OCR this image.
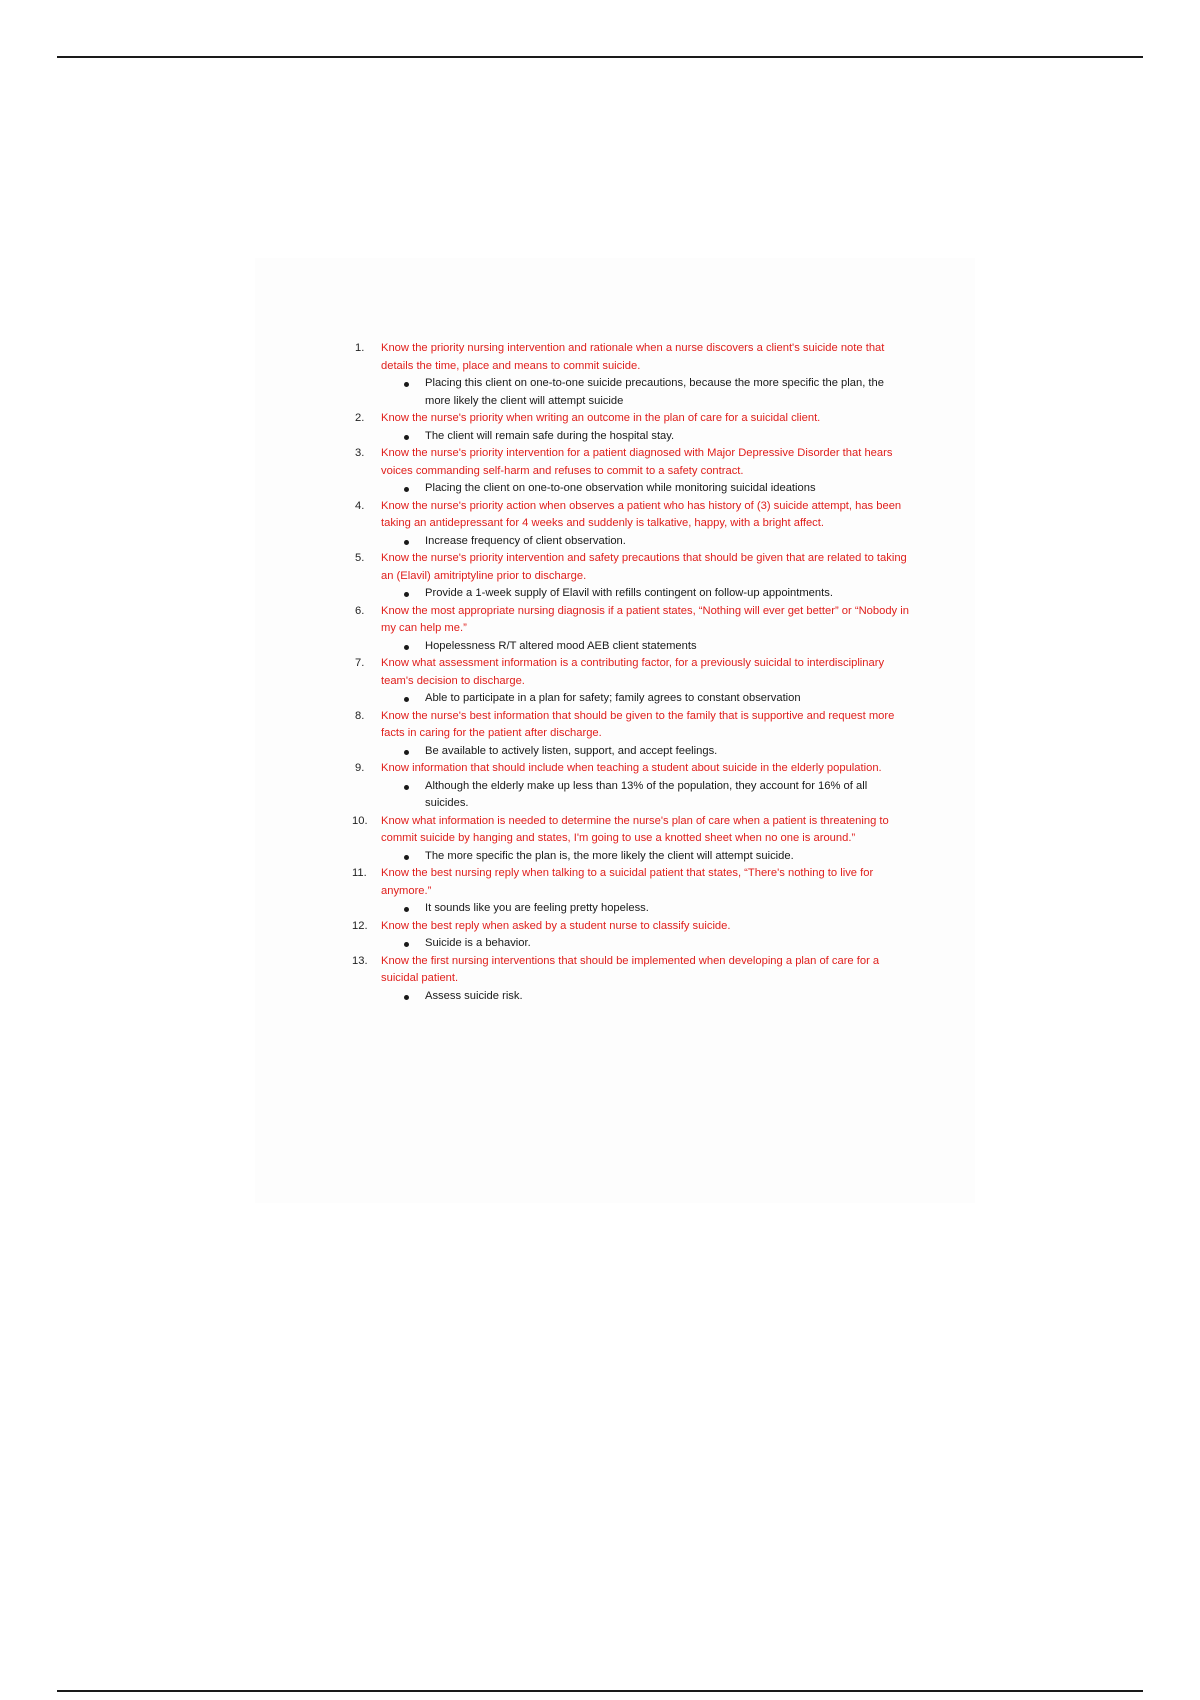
1.	Know the priority nursing intervention and rationale when a nurse discovers a client's suicide note that details the time, place and means to commit suicide.
Placing this client on one-to-one suicide precautions, because the more specific the plan, the more likely the client will attempt suicide
2.	Know the nurse's priority when writing an outcome in the plan of care for a suicidal client.
The client will remain safe during the hospital stay.
3.	Know the nurse's priority intervention for a patient diagnosed with Major Depressive Disorder that hears voices commanding self-harm and refuses to commit to a safety contract.
Placing the client on one-to-one observation while monitoring suicidal ideations
4.	Know the nurse's priority action when observes a patient who has history of (3) suicide attempt, has been taking an antidepressant for 4 weeks and suddenly is talkative, happy, with a bright affect.
Increase frequency of client observation.
5.	Know the nurse's priority intervention and safety precautions that should be given that are related to taking an (Elavil) amitriptyline prior to discharge.
Provide a 1-week supply of Elavil with refills contingent on follow-up appointments.
6.	Know the most appropriate nursing diagnosis if a patient states, “Nothing will ever get better” or “Nobody in my can help me.”
Hopelessness R/T altered mood AEB client statements
7.	Know what assessment information is a contributing factor, for a previously suicidal to interdisciplinary team's decision to discharge.
Able to participate in a plan for safety; family agrees to constant observation
8.	Know the nurse's best information that should be given to the family that is supportive and request more facts in caring for the patient after discharge.
Be available to actively listen, support, and accept feelings.
9.	Know information that should include when teaching a student about suicide in the elderly population.
Although the elderly make up less than 13% of the population, they account for 16% of all suicides.
10.	Know what information is needed to determine the nurse's plan of care when a patient is threatening to commit suicide by hanging and states, I'm going to use a knotted sheet when no one is around.”
The more specific the plan is, the more likely the client will attempt suicide.
11.	Know the best nursing reply when talking to a suicidal patient that states, “There's nothing to live for anymore.”
It sounds like you are feeling pretty hopeless.
12.	Know the best reply when asked by a student nurse to classify suicide.
Suicide is a behavior.
13.	Know the first nursing interventions that should be implemented when developing a plan of care for a suicidal patient.
Assess suicide risk.
